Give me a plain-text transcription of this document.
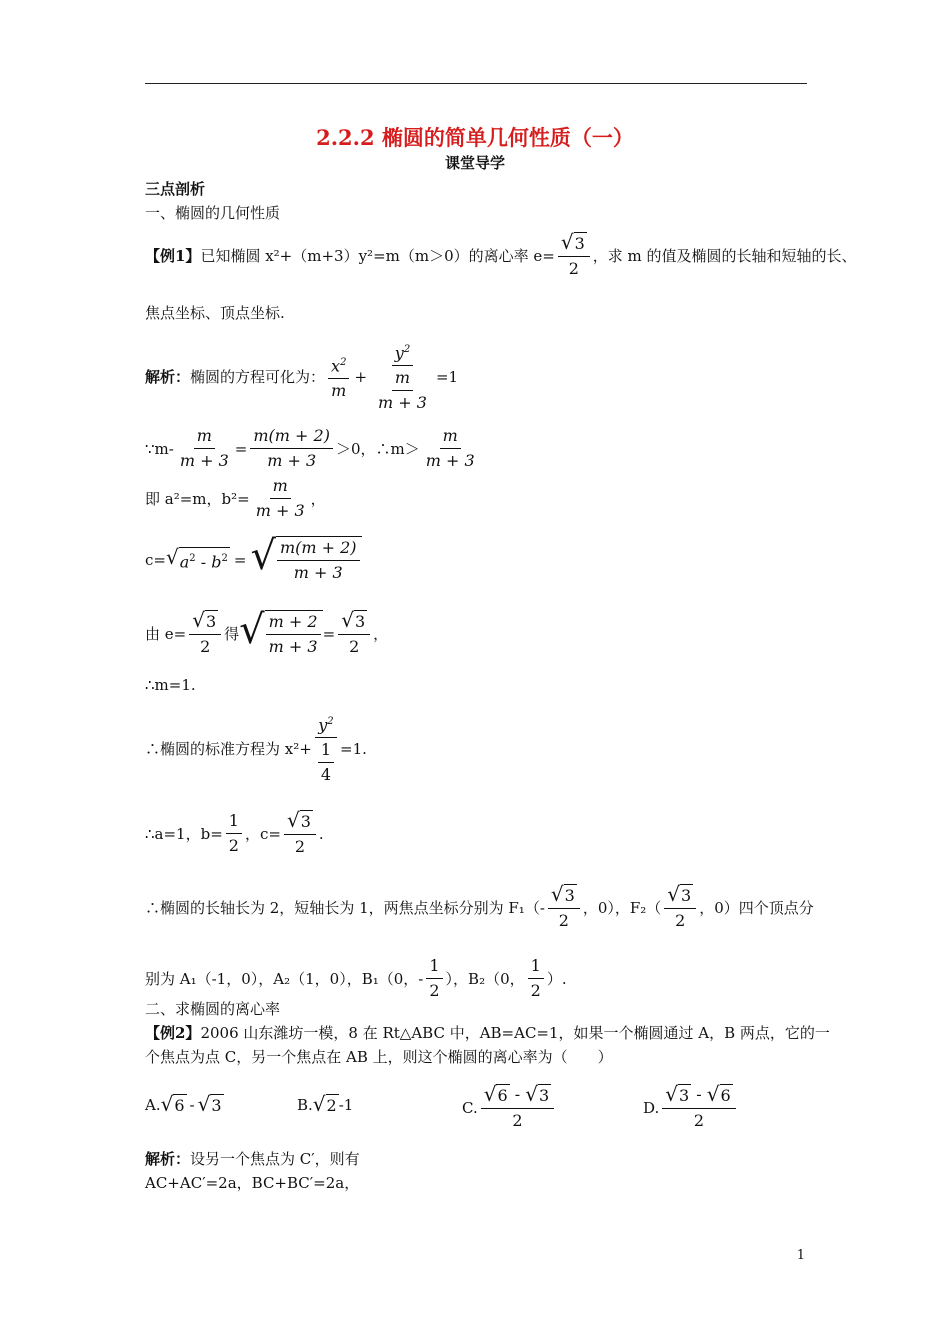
2.2.2 椭圆的简单几何性质（一）
课堂导学
三点剖析
一、椭圆的几何性质
【例1】 已知椭圆 x²+（m+3）y²=m（m＞0）的离心率 $e= \frac{√ 3}{2}$ ，求 m 的值及椭圆的长轴和短轴的长、
焦点坐标、顶点坐标.
解析： 椭圆的方程可化为： $\frac{x^2}{m} + \frac{y^2}{\frac{m}{m + 3}} =1$
∵m- $\frac{m}{m + 3} = \frac{m(m + 2)}{m + 3} >0$，∴m＞ $\frac{m}{m + 3}$
即 a²=m，$b^2= \frac{m}{m + 3}$ ，
c= √ $a^2 - b^2$ = √ $\frac{m(m + 2)}{m + 3}$
由 $e= \frac{√ 3}{2}$ 得 √ $\frac{m + 2}{m + 3} = \frac{√ 3}{2}$ ，
∴m=1.
∴椭圆的标准方程为 $x^2+ \frac{y^2}{\frac{1}{4}} =1$.
∴a=1，$b= \frac{1}{2}$ ，$c= \frac{√ 3}{2}$ .
∴椭圆的长轴长为 2，短轴长为 1，两焦点坐标分别为 $F_1(- \frac{√ 3}{2}$ ，0），$F_2( \frac{√ 3}{2}$ ，0）四个顶点分
别为 A₁（-1，0），A₂（1，0），B₁（0，- $\frac{1}{2}$ ），B₂（0， $\frac{1}{2}$ ）.
二、求椭圆的离心率
【例2】2006 山东潍坊一模，8 在 Rt△ABC 中，AB=AC=1，如果一个椭圆通过 A，B 两点，它的一
个焦点为点 C，另一个焦点在 AB 上，则这个椭圆的离心率为（　　）
A. √ 6 - √ 3	B. √ 2 -1	C. $\frac{√ 6 - √ 3}{2}$	D. $\frac{√ 3 - √ 6}{2}$
解析：设另一个焦点为 C′，则有
AC+AC′=2a，BC+BC′=2a，
1
